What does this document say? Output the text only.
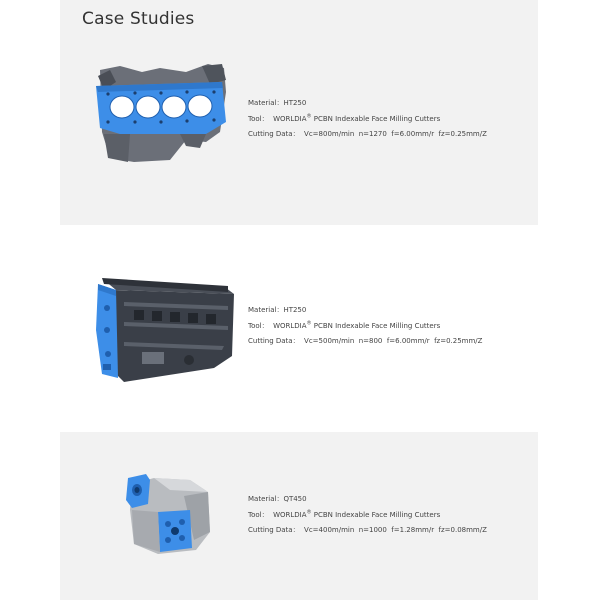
Case Studies
Material：HT250
Tool： WORLDIA® PCBN Indexable Face Milling Cutters
Cutting Data： Vc=800m/min  n=1270  f=6.00mm/r  fz=0.25mm/Z
Material：HT250
Tool： WORLDIA® PCBN Indexable Face Milling Cutters
Cutting Data： Vc=500m/min  n=800  f=6.00mm/r  fz=0.25mm/Z
Material：QT450
Tool： WORLDIA® PCBN Indexable Face Milling Cutters
Cutting Data： Vc=400m/min  n=1000  f=1.28mm/r  fz=0.08mm/Z
